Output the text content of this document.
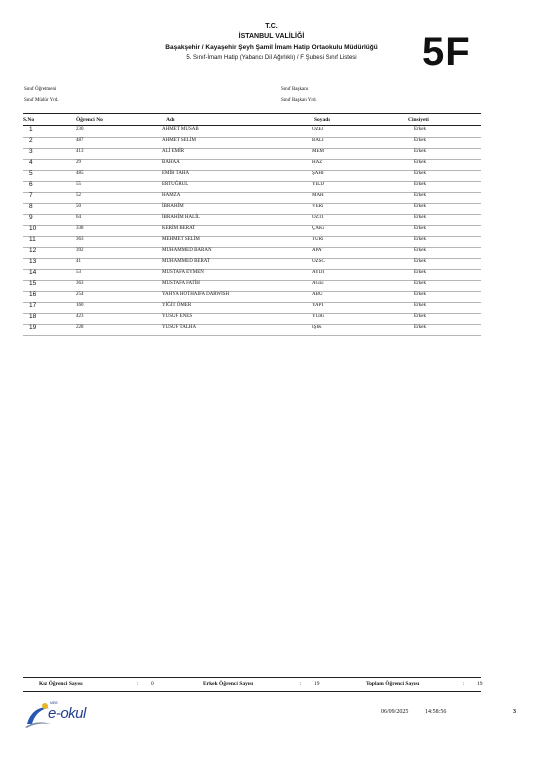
T.C.
İSTANBUL VALİLİĞİ
Başakşehir / Kayaşehir Şeyh Şamil İmam Hatip Ortaokulu Müdürlüğü
5. Sınıf-İmam Hatip (Yabancı Dil Ağırlıklı) / F Şubesi Sınıf Listesi	5F
Sınıf Öğretmeni	Sınıf Başkanı
Sınıf Müdür Yrd.	Sınıf Başkan Yrd.
S.No	Öğrenci No	Adı	Soyadı	Cinsiyeti
1	230	AHMET MUSAB	ÖZEl	Erkek
2	487	AHMET SELİM	BALI	Erkek
3	413	ALİ EMİR	MEM	Erkek
4	29	BAHAA	HAZ	Erkek
5	485	EMİR TAHA	ŞAHİ	Erkek
6	55	ERTUĞRUL	YILD	Erkek
7	52	HAMZA	MAH	Erkek
8	50	İBRAHİM	VERı	Erkek
9	64	İBRAHİM HALİL	ÖZTİ	Erkek
10	338	KERİM BERAT	ÇAKı	Erkek
11	363	MEHMET SELİM	TURı	Erkek
12	392	MUHAMMED BARAN	APA'	Erkek
13	41	MUHAMMED BERAT	ÖZSC	Erkek
14	53	MUSTAFA EYMEN	AYDI	Erkek
15	363	MUSTAFA FATİH	AĞEı	Erkek
16	254	YAHYA HOTHAIFA DARWISH	ABU	Erkek
17	160	YİĞİT ÖMER	YAPI	Erkek
18	423	YUSUF ENES	YURı	Erkek
19	228	YUSUF TALHA	IŞIK	Erkek
Kız Öğrenci Sayısı	: 0	Erkek Öğrenci Sayısı	: 19	Toplam Öğrenci Sayısı	: 19
MEB
e-okul	06/09/2025	14:58:56	3
